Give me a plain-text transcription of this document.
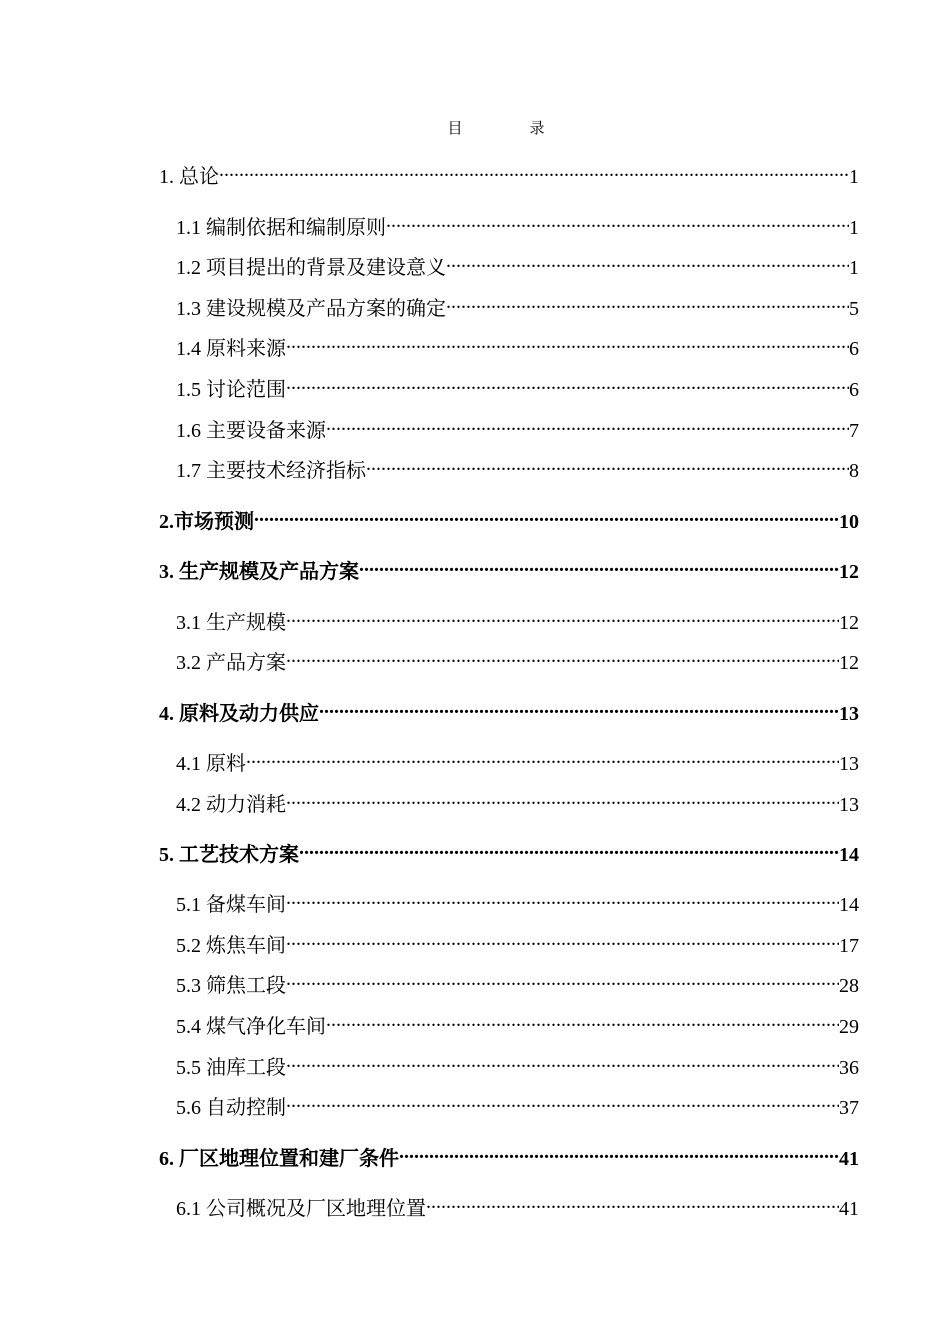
目　录
1. 总论 .....	1
1.1 编制依据和编制原则 .....	1
1.2 项目提出的背景及建设意义 .....	1
1.3 建设规模及产品方案的确定 .....	5
1.4 原料来源 .....	6
1.5 讨论范围 .....	6
1.6 主要设备来源 .....	7
1.7 主要技术经济指标 .....	8
2.市场预测 .....	10
3. 生产规模及产品方案 .....	12
3.1 生产规模 .....	12
3.2 产品方案 .....	12
4. 原料及动力供应 .....	13
4.1 原料 .....	13
4.2 动力消耗 .....	13
5. 工艺技术方案 .....	14
5.1 备煤车间 .....	14
5.2 炼焦车间 .....	17
5.3 筛焦工段 .....	28
5.4 煤气净化车间 .....	29
5.5 油库工段 .....	36
5.6 自动控制 .....	37
6. 厂区地理位置和建厂条件 .....	41
6.1 公司概况及厂区地理位置 .....	41
